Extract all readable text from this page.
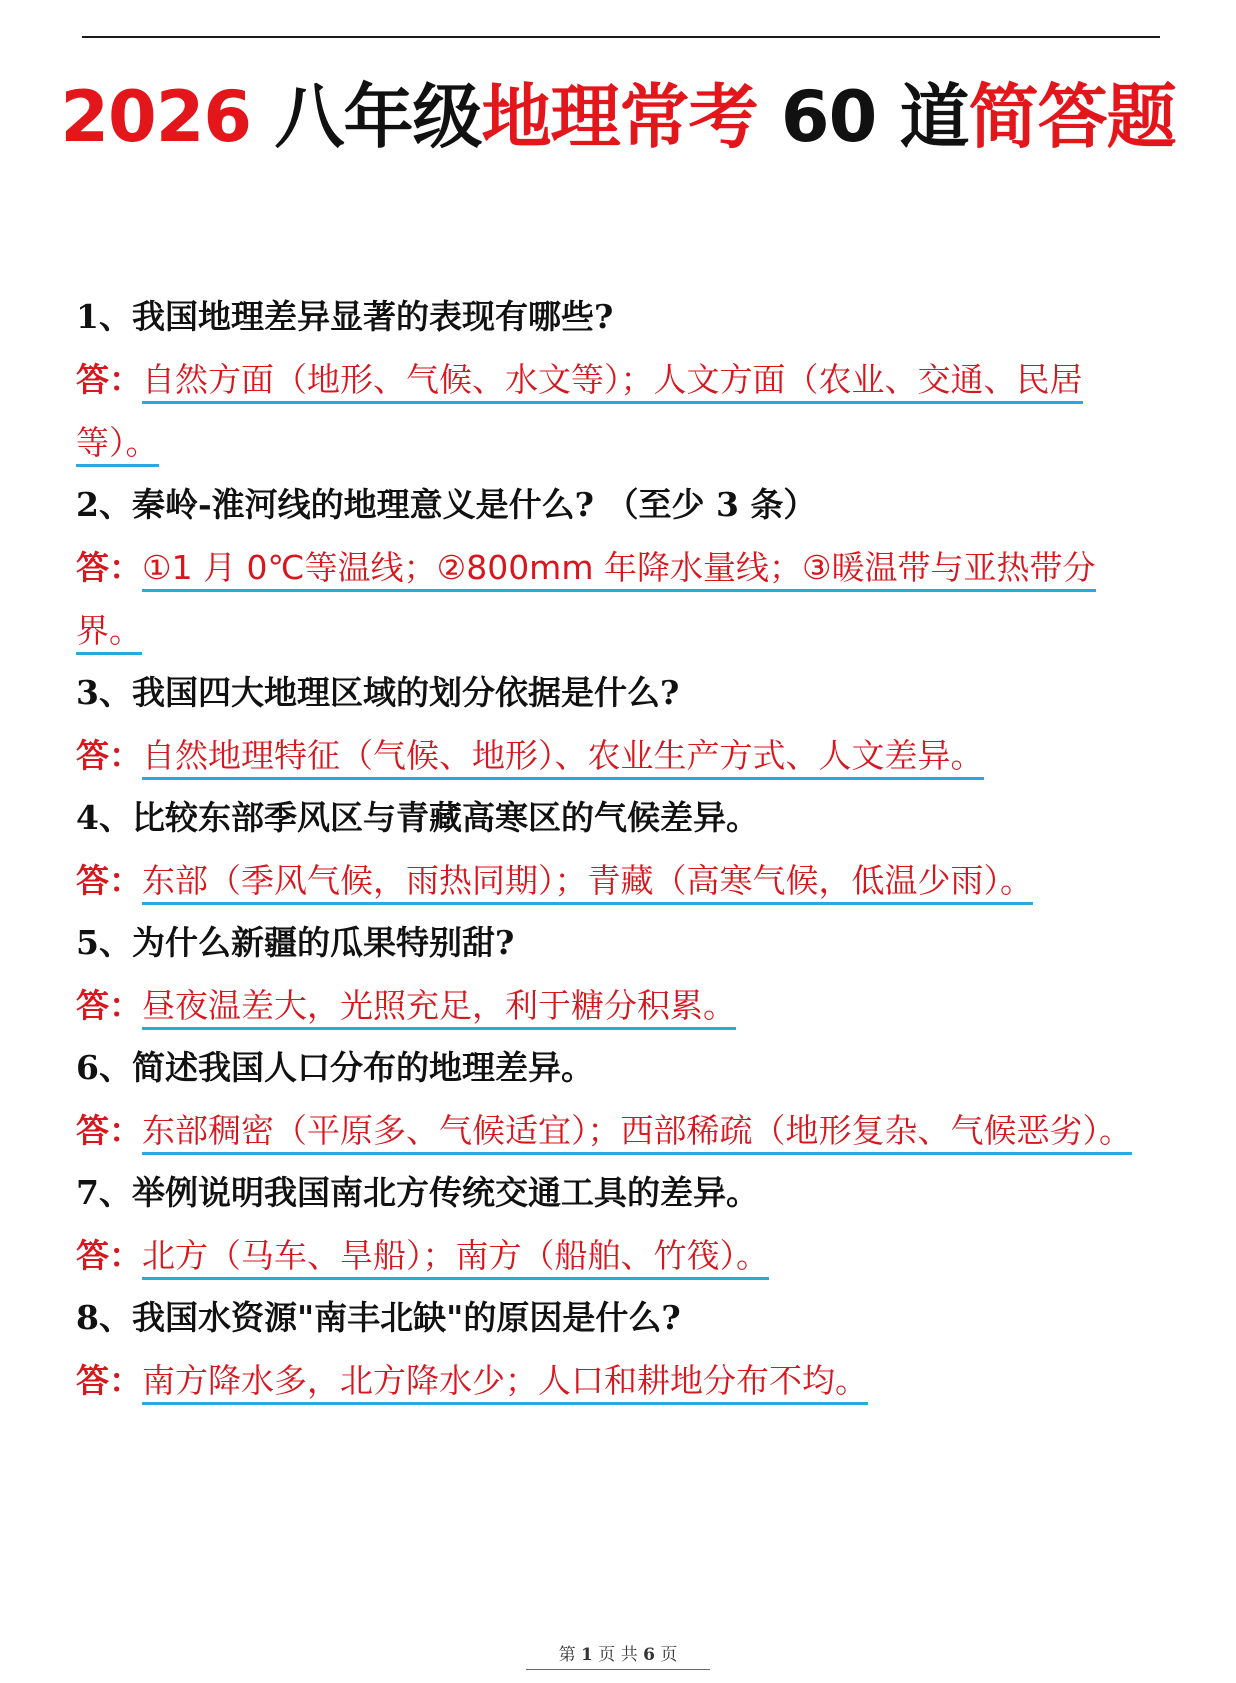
2026 八年级地理常考 60 道简答题
1、我国地理差异显著的表现有哪些?
答：自然方面（地形、气候、水文等）；人文方面（农业、交通、民居等）。
2、秦岭-淮河线的地理意义是什么? （至少 3 条）
答：①1 月 0℃等温线；②800mm 年降水量线；③暖温带与亚热带分界。
3、我国四大地理区域的划分依据是什么?
答：自然地理特征（气候、地形）、农业生产方式、人文差异。
4、比较东部季风区与青藏高寒区的气候差异。
答：东部（季风气候，雨热同期）；青藏（高寒气候，低温少雨）。
5、为什么新疆的瓜果特别甜?
答：昼夜温差大，光照充足，利于糖分积累。
6、简述我国人口分布的地理差异。
答：东部稠密（平原多、气候适宜）；西部稀疏（地形复杂、气候恶劣）。
7、举例说明我国南北方传统交通工具的差异。
答：北方（马车、旱船）；南方（船舶、竹筏）。
8、我国水资源"南丰北缺"的原因是什么?
答：南方降水多，北方降水少；人口和耕地分布不均。
第 1 页 共 6 页
